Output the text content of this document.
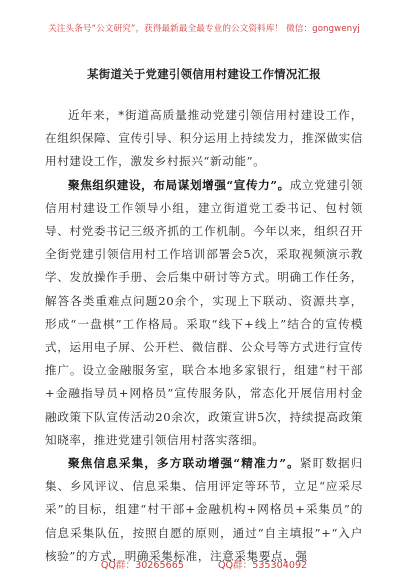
关注头条号“公文研究”，获得最新最全最专业的公文资料库！ 微信：gongwenyj
某街道关于党建引领信用村建设工作情况汇报

近年来，*街道高质量推动党建引领信用村建设工作，在组织保障、宣传引导、积分运用上持续发力，推深做实信用村建设工作，激发乡村振兴“新动能”。

聚焦组织建设，布局谋划增强“宣传力”。成立党建引领信用村建设工作领导小组，建立街道党工委书记、包村领导、村党委书记三级齐抓的工作机制。今年以来，组织召开全街党建引领信用村工作培训部署会5次，采取视频演示教学、发放操作手册、会后集中研讨等方式。明确工作任务，解答各类重难点问题20余个，实现上下联动、资源共享，形成“一盘棋”工作格局。采取“线下+线上”结合的宣传模式，运用电子屏、公开栏、微信群、公众号等方式进行宣传推广。设立金融服务室，联合本地多家银行，组建“村干部+金融指导员+网格员”宣传服务队，常态化开展信用村金融政策下队宣传活动20余次，政策宣讲5次，持续提高政策知晓率，推进党建引领信用村落实落细。

聚焦信息采集，多方联动增强“精准力”。紧盯数据归集、乡风评议、信息采集、信用评定等环节，立足“应采尽采”的目标，组建“村干部+金融机构+网格员+采集员”的信息采集队伍，按照自愿的原则，通过“自主填报”+“入户核验”的方式，明确采集标准，注意采集要点，强

QQ群：30265665	QQ群：535304092
